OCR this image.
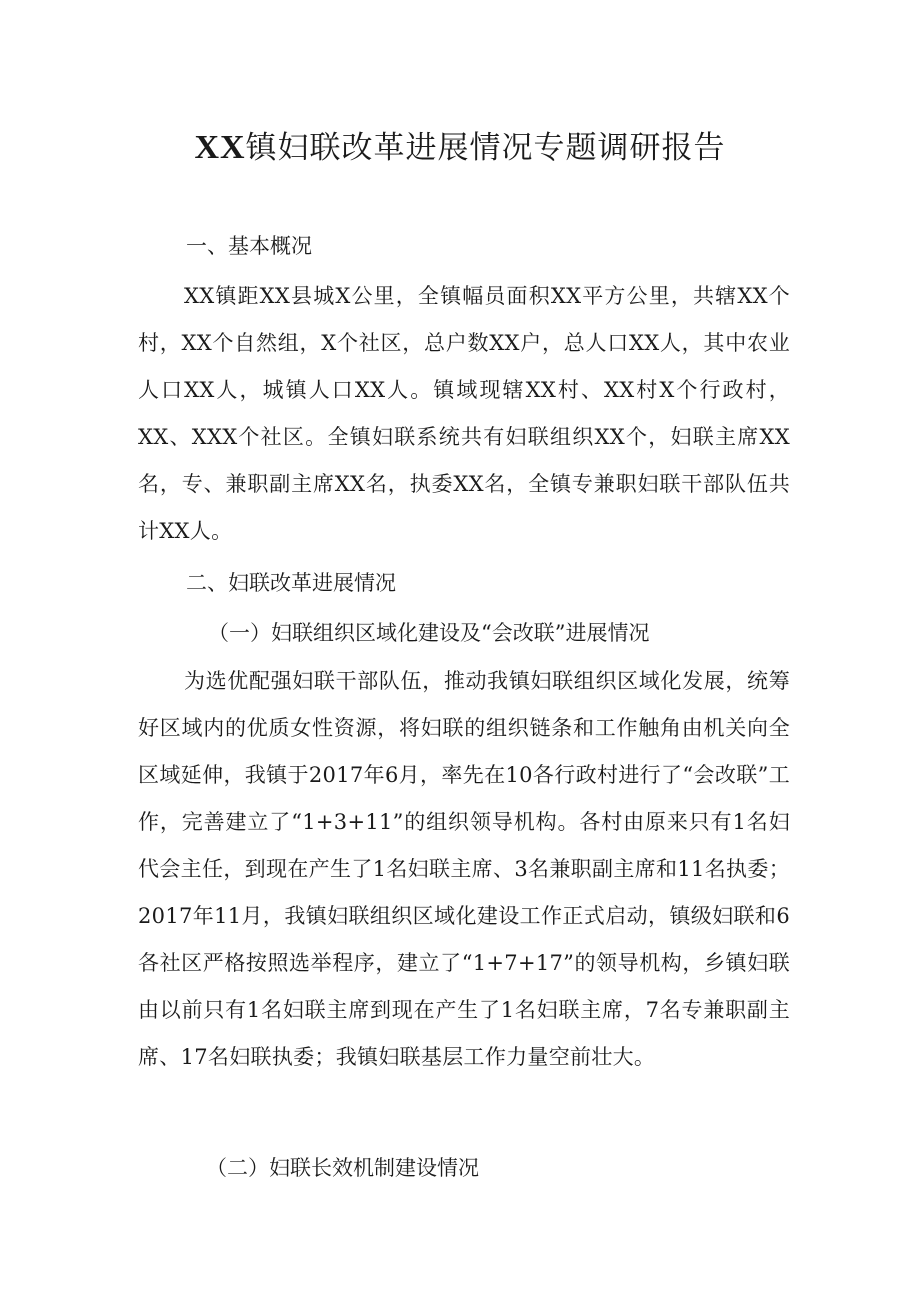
XX镇妇联改革进展情况专题调研报告

一、基本概况

XX镇距XX县城X公里，全镇幅员面积XX平方公里，共辖XX个村，XX个自然组，X个社区，总户数XX户，总人口XX人，其中农业人口XX人，城镇人口XX人。镇域现辖XX村、XX村X个行政村，XX、XXX个社区。全镇妇联系统共有妇联组织XX个，妇联主席XX名，专、兼职副主席XX名，执委XX名，全镇专兼职妇联干部队伍共计XX人。

二、妇联改革进展情况

（一）妇联组织区域化建设及“会改联”进展情况

为选优配强妇联干部队伍，推动我镇妇联组织区域化发展，统筹好区域内的优质女性资源，将妇联的组织链条和工作触角由机关向全区域延伸，我镇于2017年6月，率先在10各行政村进行了“会改联”工作，完善建立了“1+3+11”的组织领导机构。各村由原来只有1名妇代会主任，到现在产生了1名妇联主席、3名兼职副主席和11名执委；2017年11月，我镇妇联组织区域化建设工作正式启动，镇级妇联和6各社区严格按照选举程序，建立了“1+7+17”的领导机构，乡镇妇联由以前只有1名妇联主席到现在产生了1名妇联主席，7名专兼职副主席、17名妇联执委；我镇妇联基层工作力量空前壮大。

（二）妇联长效机制建设情况
